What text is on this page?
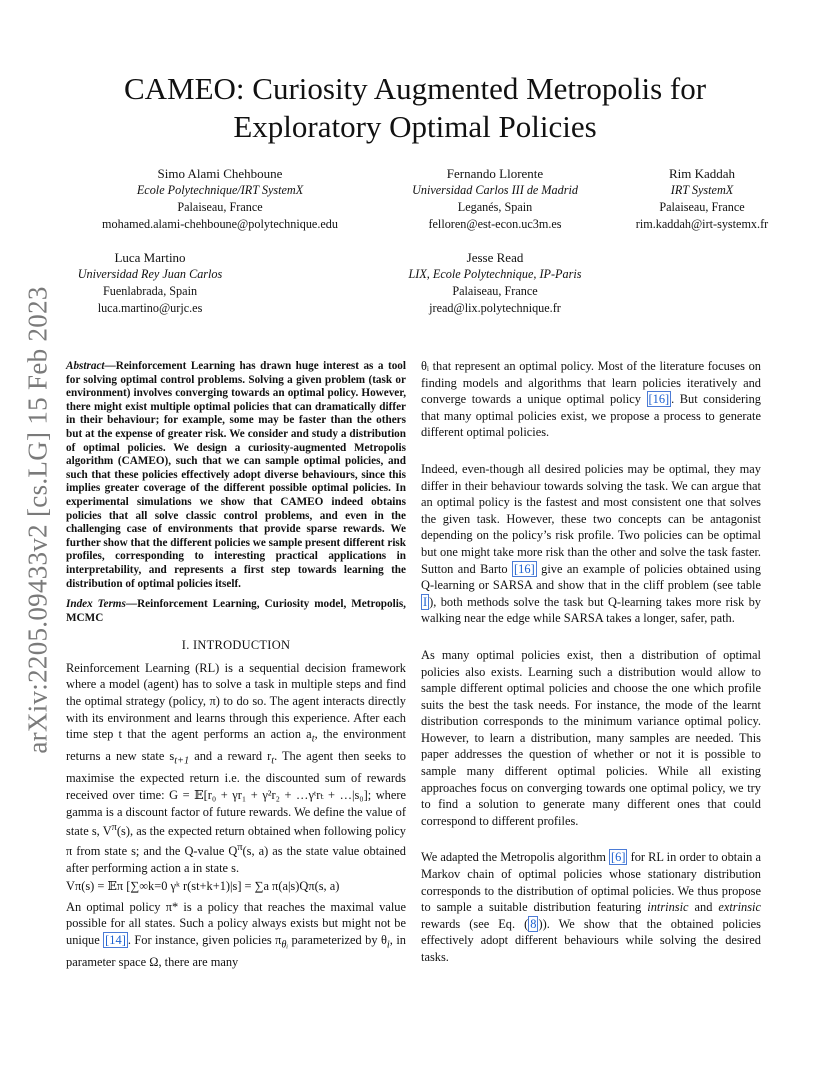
arXiv:2205.09433v2 [cs.LG] 15 Feb 2023
CAMEO: Curiosity Augmented Metropolis for
Exploratory Optimal Policies
Simo Alami Chehboune
Ecole Polytechnique/IRT SystemX
Palaiseau, France
mohamed.alami-chehboune@polytechnique.edu
Fernando Llorente
Universidad Carlos III de Madrid
Leganés, Spain
felloren@est-econ.uc3m.es
Rim Kaddah
IRT SystemX
Palaiseau, France
rim.kaddah@irt-systemx.fr
Luca Martino
Universidad Rey Juan Carlos
Fuenlabrada, Spain
luca.martino@urjc.es
Jesse Read
LIX, Ecole Polytechnique, IP-Paris
Palaiseau, France
jread@lix.polytechnique.fr

Abstract—Reinforcement Learning has drawn huge interest as a tool for solving optimal control problems. Solving a given problem (task or environment) involves converging towards an optimal policy. However, there might exist multiple optimal policies that can dramatically differ in their behaviour; for example, some may be faster than the others but at the expense of greater risk. We consider and study a distribution of optimal policies. We design a curiosity-augmented Metropolis algorithm (CAMEO), such that we can sample optimal policies, and such that these policies effectively adopt diverse behaviours, since this implies greater coverage of the different possible optimal policies. In experimental simulations we show that CAMEO indeed obtains policies that all solve classic control problems, and even in the challenging case of environments that provide sparse rewards. We further show that the different policies we sample present different risk profiles, corresponding to interesting practical applications in interpretability, and represents a first step towards learning the distribution of optimal policies itself.

Index Terms—Reinforcement Learning, Curiosity model, Metropolis, MCMC

I. INTRODUCTION

Reinforcement Learning (RL) is a sequential decision framework where a model (agent) has to solve a task in multiple steps and find the optimal strategy (policy, π) to do so. The agent interacts directly with its environment and learns through this experience. After each time step t that the agent performs an action $a_t$, the environment returns a new state $s_{t+1}$ and a reward $r_t$. The agent then seeks to maximise the expected return i.e. the discounted sum of rewards received over time: G = 𝔼[r₀ + γr₁ + γ²r₂ + …γᵗrₜ + …|s₀]; where gamma is a discount factor of future rewards. We define the value of state s, $V^\pi(s)$, as the expected return obtained when following policy π from state s; and the Q-value $Q^\pi(s$, a) as the state value obtained after performing action a in state s.

Vπ(s) = 𝔼π [∑∞k=0 γᵏ r(st+k+1)|s] = ∑a π(a|s)Qπ(s, a)

An optimal policy π* is a policy that reaches the maximal value possible for all states. Such a policy always exists but might not be unique [14] . For instance, given policies $\pi_{\theta ᵢ}$ parameterized by $\theta_i$, in parameter space Ω, there are many

θᵢ that represent an optimal policy. Most of the literature focuses on finding models and algorithms that learn policies iteratively and converge towards a unique optimal policy [16] . But considering that many optimal policies exist, we propose a process to generate different optimal policies.

Indeed, even-though all desired policies may be optimal, they may differ in their behaviour towards solving the task. We can argue that an optimal policy is the fastest and most consistent one that solves the given task. However, these two concepts can be antagonist depending on the policy’s risk profile. Two policies can be optimal but one might take more risk than the other and solve the task faster. Sutton and Barto [16] give an example of policies obtained using Q-learning or SARSA and show that in the cliff problem (see table I ), both methods solve the task but Q-learning takes more risk by walking near the edge while SARSA takes a longer, safer, path.

As many optimal policies exist, then a distribution of optimal policies also exists. Learning such a distribution would allow to sample different optimal policies and choose the one which profile suits the best the task needs. For instance, the mode of the learnt distribution corresponds to the minimum variance optimal policy. However, to learn a distribution, many samples are needed. This paper addresses the question of whether or not it is possible to sample many different optimal policies. While all existing approaches focus on converging towards one optimal policy, we try to find a solution to generate many different ones that could correspond to different profiles.

We adapted the Metropolis algorithm [6] for RL in order to obtain a Markov chain of optimal policies whose stationary distribution corresponds to the distribution of optimal policies. We thus propose to sample a suitable distribution featuring intrinsic and extrinsic rewards (see Eq. ( 8 )). We show that the obtained policies effectively adopt different behaviours while solving the desired tasks.
